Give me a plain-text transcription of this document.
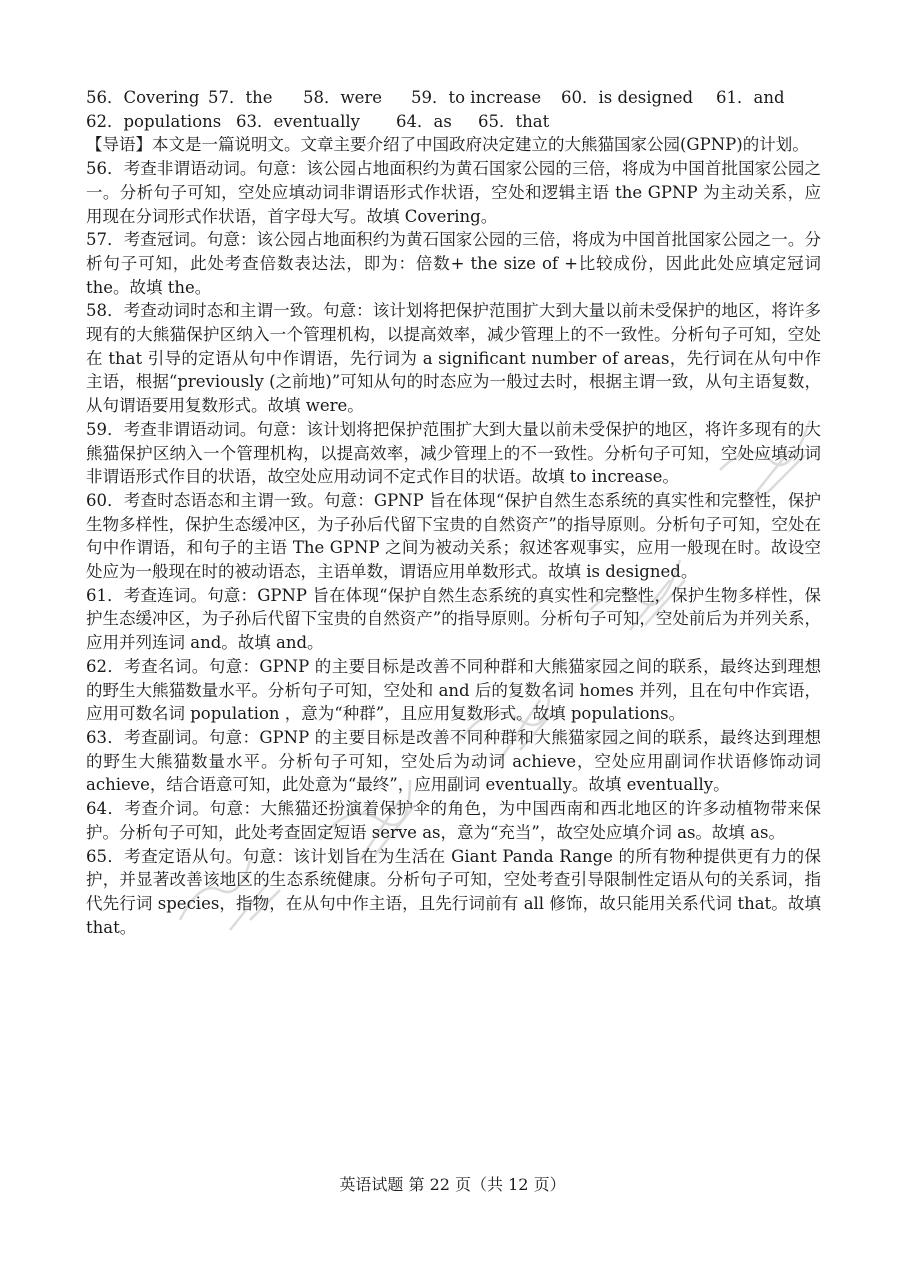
56．Covering 57．the	58．were	59．to increase	60．is designed	61．and
62．populations 63．eventually	64．as	65．that

【导语】本文是一篇说明文。文章主要介绍了中国政府决定建立的大熊猫国家公园(GPNP)的计划。

56．考查非谓语动词。句意：该公园占地面积约为黄石国家公园的三倍，将成为中国首批国家公园之一。分析句子可知，空处应填动词非谓语形式作状语，空处和逻辑主语 the GPNP 为主动关系，应用现在分词形式作状语，首字母大写。故填 Covering。

57．考查冠词。句意：该公园占地面积约为黄石国家公园的三倍，将成为中国首批国家公园之一。分析句子可知，此处考查倍数表达法，即为：倍数+ the size of +比较成份，因此此处应填定冠词 the。故填 the。

58．考查动词时态和主谓一致。句意：该计划将把保护范围扩大到大量以前未受保护的地区，将许多现有的大熊猫保护区纳入一个管理机构，以提高效率，减少管理上的不一致性。分析句子可知，空处在 that 引导的定语从句中作谓语，先行词为 a significant number of areas，先行词在从句中作主语，根据“previously (之前地)”可知从句的时态应为一般过去时，根据主谓一致，从句主语复数，从句谓语要用复数形式。故填 were。

59．考查非谓语动词。句意：该计划将把保护范围扩大到大量以前未受保护的地区，将许多现有的大熊猫保护区纳入一个管理机构，以提高效率，减少管理上的不一致性。分析句子可知，空处应填动词非谓语形式作目的状语，故空处应用动词不定式作目的状语。故填 to increase。

60．考查时态语态和主谓一致。句意：GPNP 旨在体现“保护自然生态系统的真实性和完整性，保护生物多样性，保护生态缓冲区，为子孙后代留下宝贵的自然资产”的指导原则。分析句子可知，空处在句中作谓语，和句子的主语 The GPNP 之间为被动关系；叙述客观事实，应用一般现在时。故设空处应为一般现在时的被动语态，主语单数，谓语应用单数形式。故填 is designed。

61．考查连词。句意：GPNP 旨在体现“保护自然生态系统的真实性和完整性，保护生物多样性，保护生态缓冲区，为子孙后代留下宝贵的自然资产”的指导原则。分析句子可知，空处前后为并列关系，应用并列连词 and。故填 and。

62．考查名词。句意：GPNP 的主要目标是改善不同种群和大熊猫家园之间的联系，最终达到理想的野生大熊猫数量水平。分析句子可知，空处和 and 后的复数名词 homes 并列，且在句中作宾语，应用可数名词 population ，意为“种群”，且应用复数形式。故填 populations。

63．考查副词。句意：GPNP 的主要目标是改善不同种群和大熊猫家园之间的联系，最终达到理想的野生大熊猫数量水平。分析句子可知，空处后为动词 achieve，空处应用副词作状语修饰动词 achieve，结合语意可知，此处意为“最终”，应用副词 eventually。故填 eventually。

64．考查介词。句意：大熊猫还扮演着保护伞的角色，为中国西南和西北地区的许多动植物带来保护。分析句子可知，此处考查固定短语 serve as，意为“充当”，故空处应填介词 as。故填 as。

65．考查定语从句。句意：该计划旨在为生活在 Giant Panda Range 的所有物种提供更有力的保护，并显著改善该地区的生态系统健康。分析句子可知，空处考查引导限制性定语从句的关系词，指代先行词 species，指物，在从句中作主语，且先行词前有 all 修饰，故只能用关系代词 that。故填 that。

英语试题 第 22 页（共 12 页）
